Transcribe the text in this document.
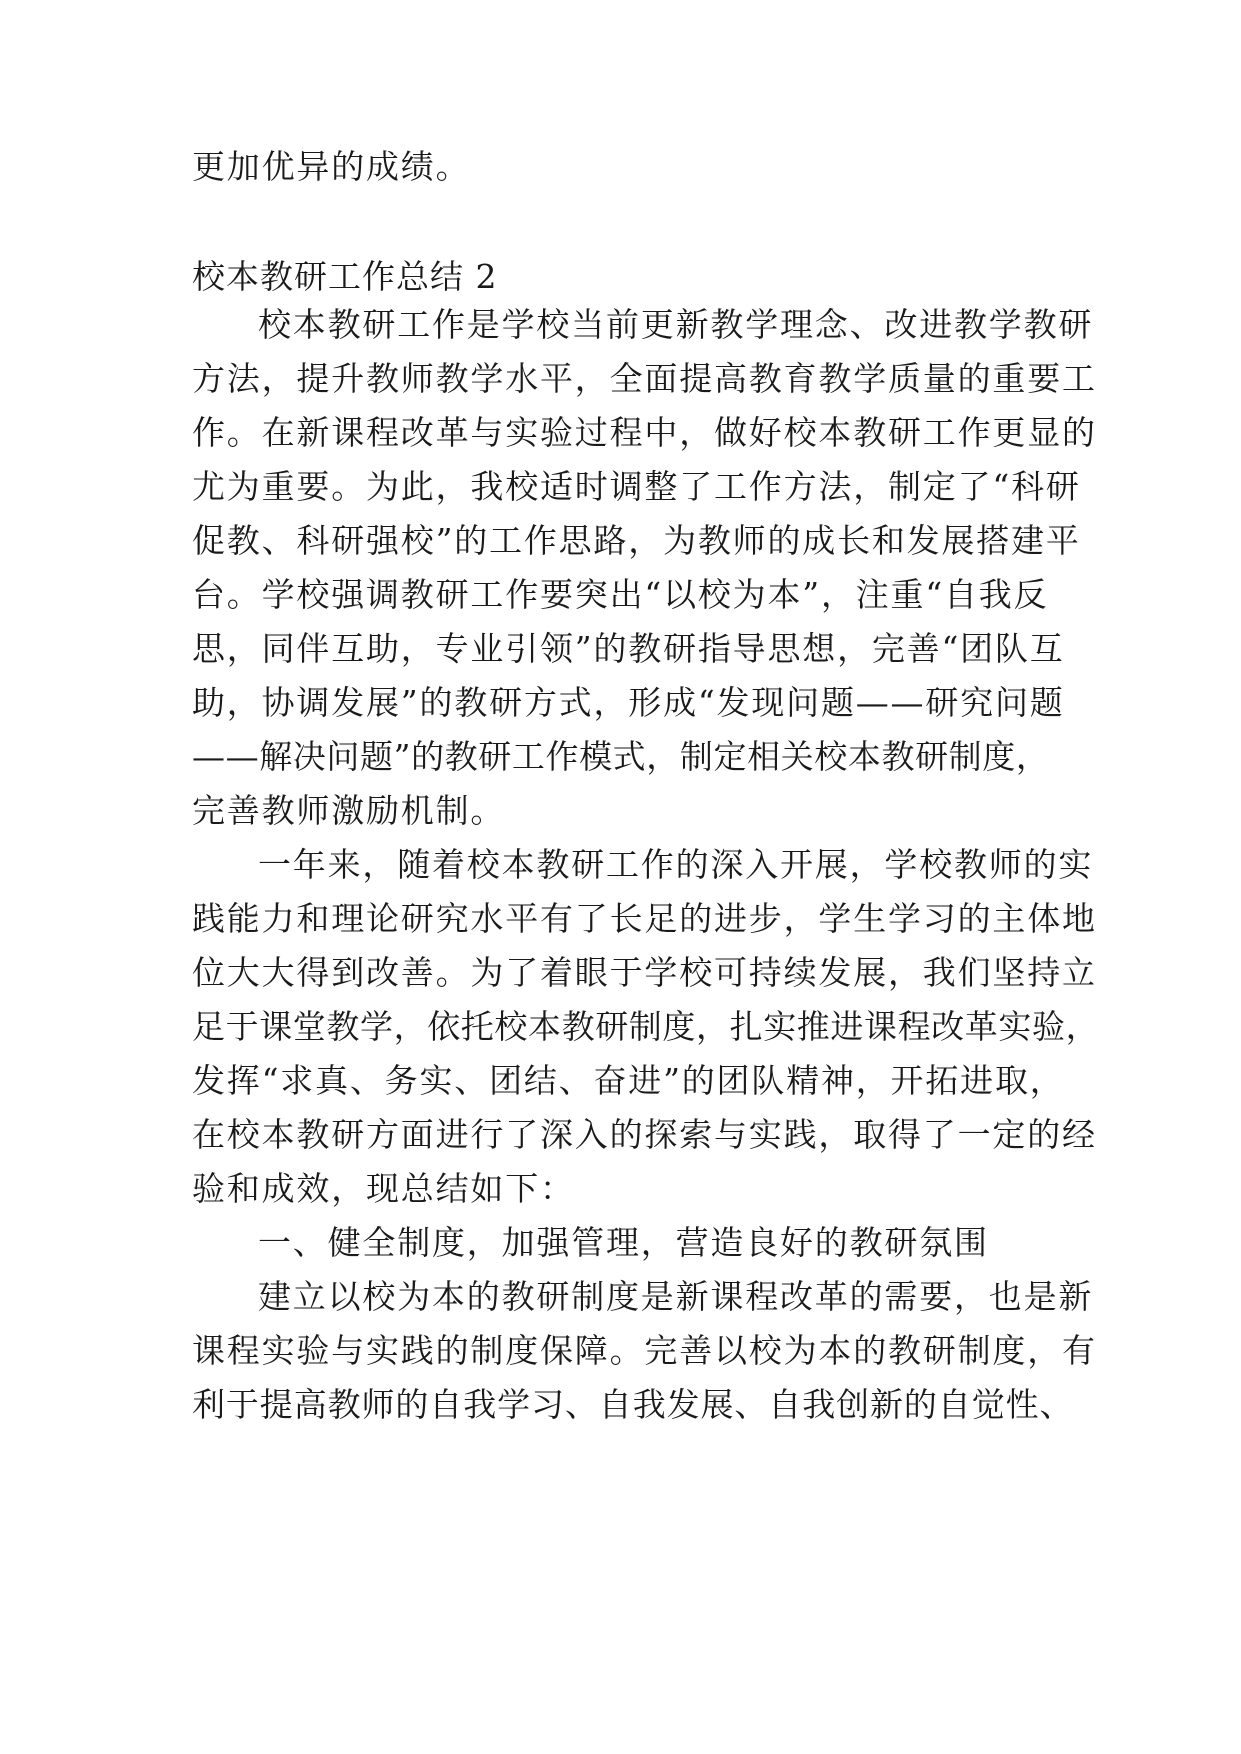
更加优异的成绩。
校本教研工作总结 2
校本教研工作是学校当前更新教学理念、改进教学教研
方法，提升教师教学水平，全面提高教育教学质量的重要工
作。在新课程改革与实验过程中，做好校本教研工作更显的
尤为重要。为此，我校适时调整了工作方法，制定了“科研
促教、科研强校”的工作思路，为教师的成长和发展搭建平
台。学校强调教研工作要突出“以校为本”，注重“自我反
思，同伴互助，专业引领”的教研指导思想，完善“团队互
助，协调发展”的教研方式，形成“发现问题——研究问题
——解决问题”的教研工作模式，制定相关校本教研制度，
完善教师激励机制。
一年来，随着校本教研工作的深入开展，学校教师的实
践能力和理论研究水平有了长足的进步，学生学习的主体地
位大大得到改善。为了着眼于学校可持续发展，我们坚持立
足于课堂教学，依托校本教研制度，扎实推进课程改革实验，
发挥“求真、务实、团结、奋进”的团队精神，开拓进取，
在校本教研方面进行了深入的探索与实践，取得了一定的经
验和成效，现总结如下：
一、健全制度，加强管理，营造良好的教研氛围
建立以校为本的教研制度是新课程改革的需要，也是新
课程实验与实践的制度保障。完善以校为本的教研制度，有
利于提高教师的自我学习、自我发展、自我创新的自觉性、
